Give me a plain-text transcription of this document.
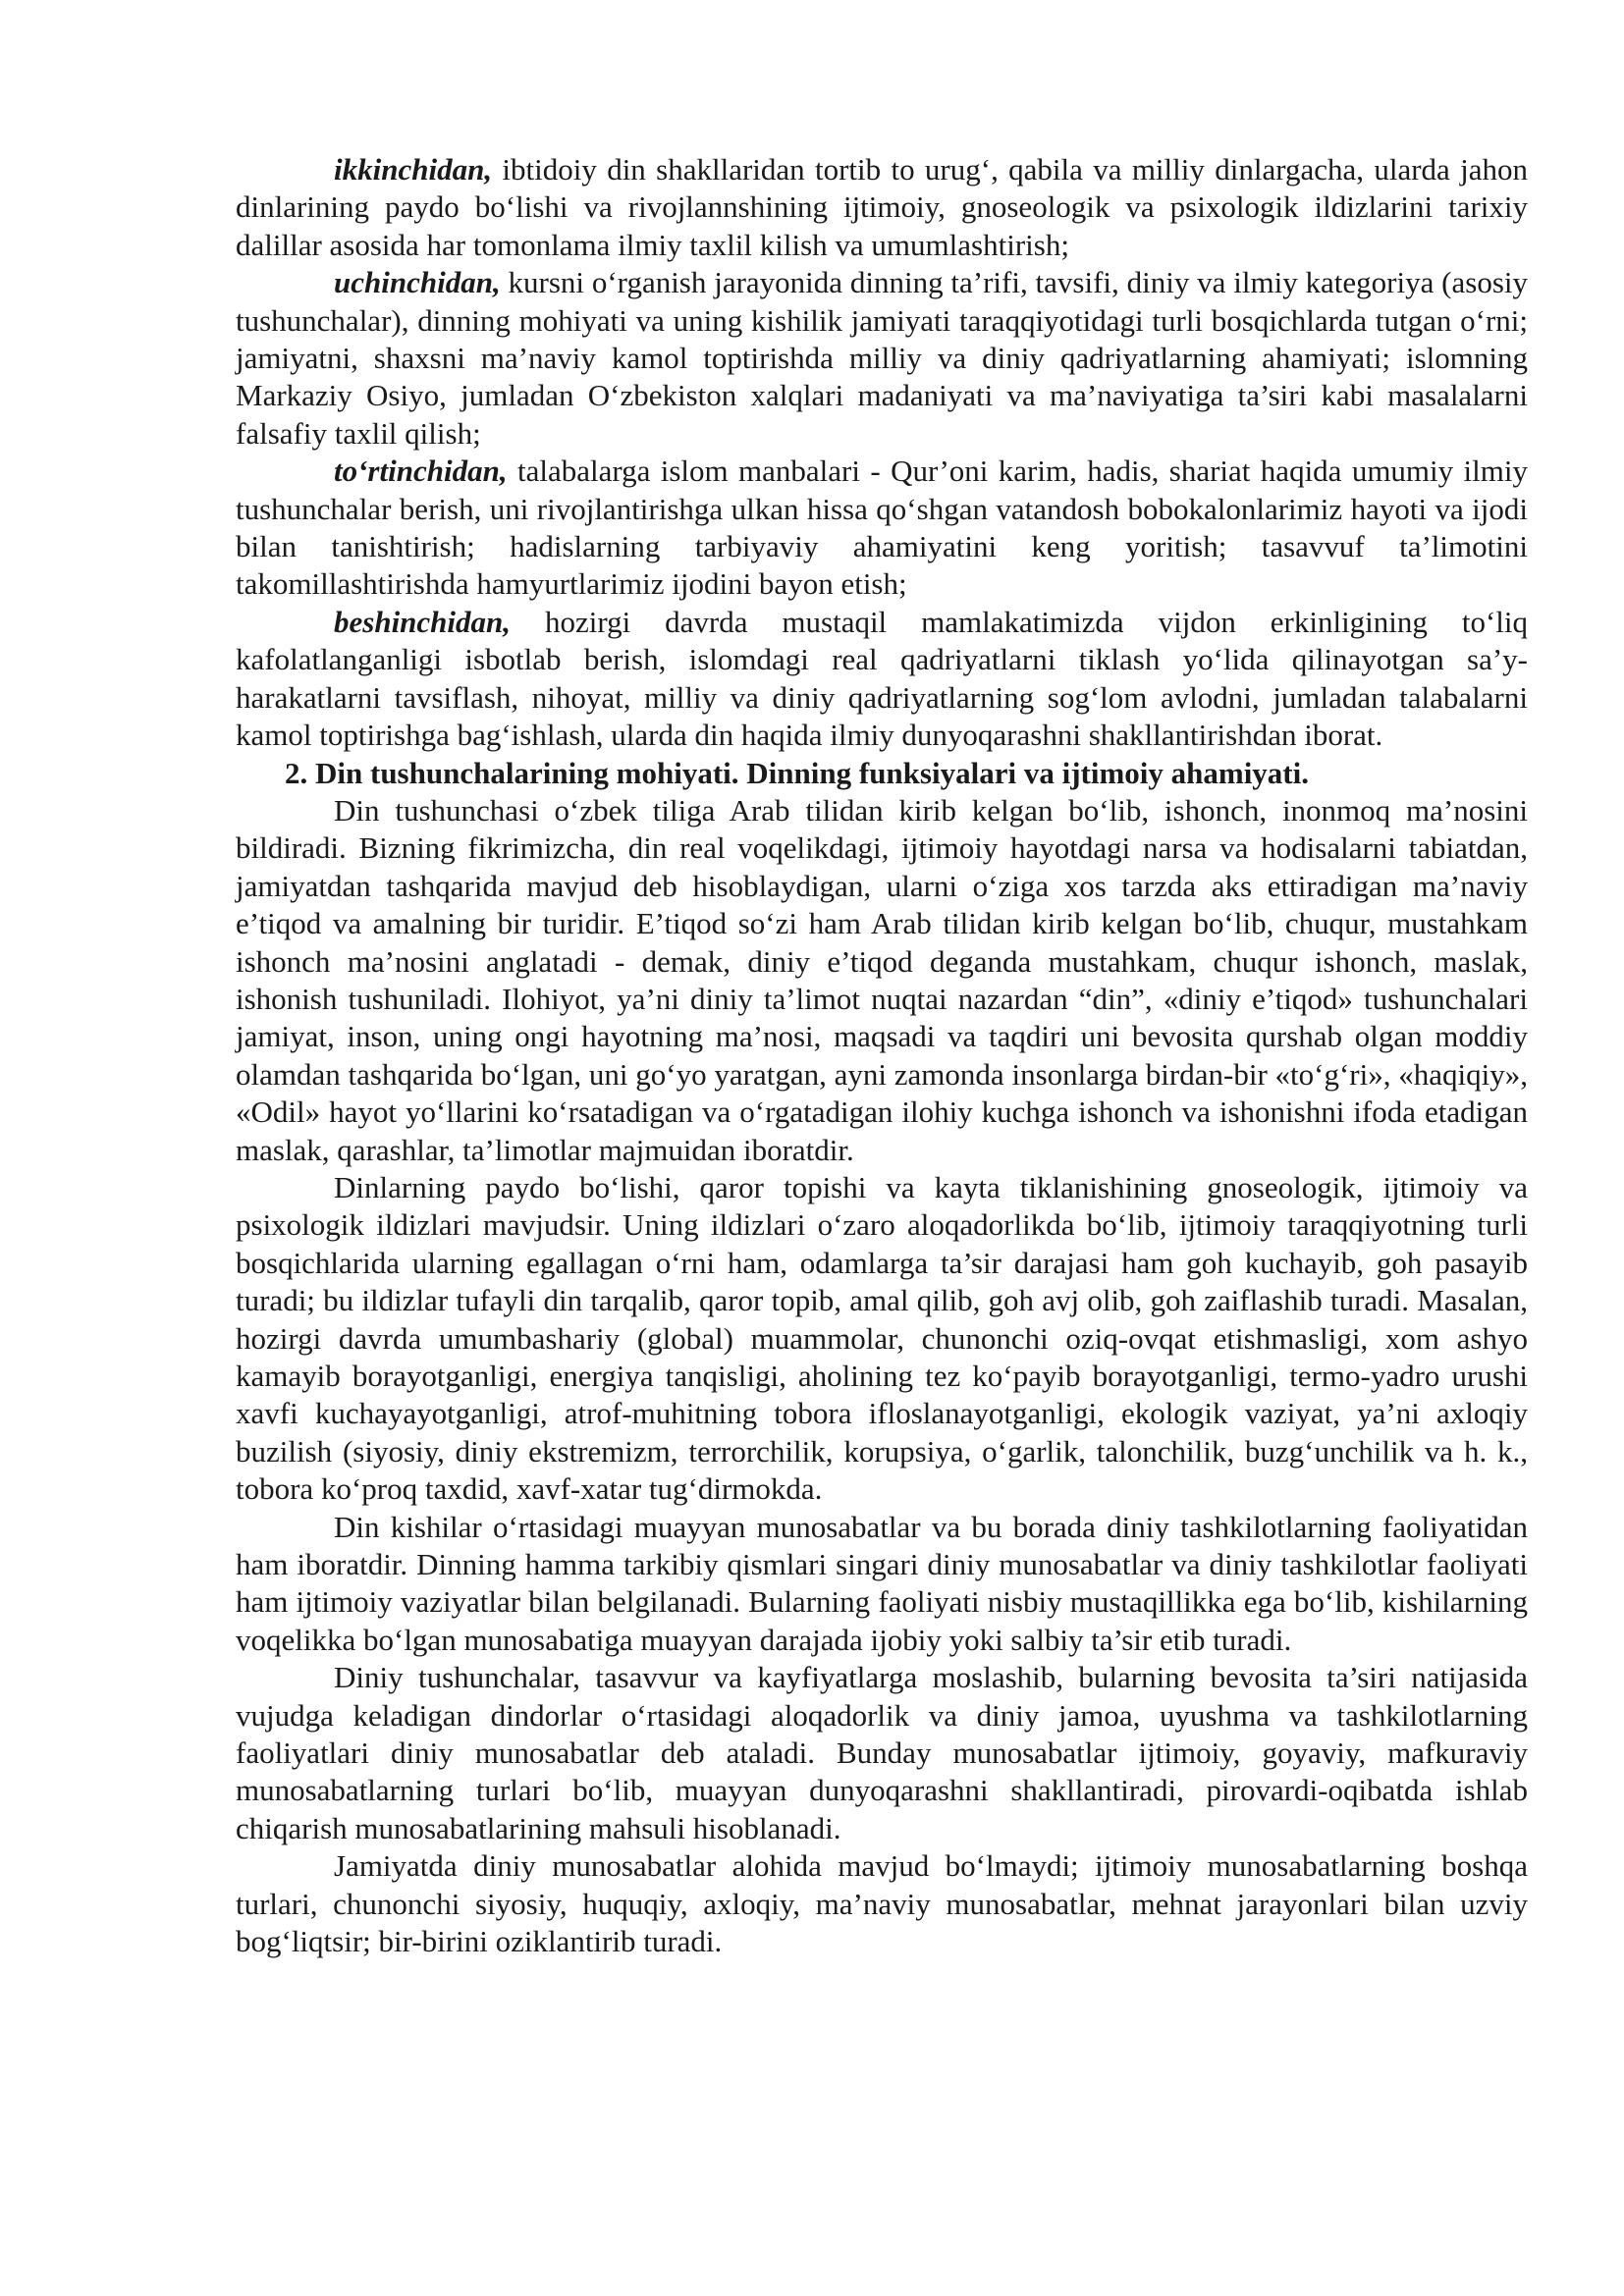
ikkinchidan, ibtidoiy din shakllaridan tortib to urug‘, qabila va milliy dinlargacha, ularda jahon dinlarining paydo bo‘lishi va rivojlannshining ijtimoiy, gnoseologik va psixologik ildizlarini tarixiy dalillar asosida har tomonlama ilmiy taxlil kilish va umumlashtirish;

uchinchidan, kursni o‘rganish jarayonida dinning ta’rifi, tavsifi, diniy va ilmiy kategoriya (asosiy tushunchalar), dinning mohiyati va uning kishilik jamiyati taraqqiyotidagi turli bosqichlarda tutgan o‘rni; jamiyatni, shaxsni ma’naviy kamol toptirishda milliy va diniy qadriyatlarning ahamiyati; islomning Markaziy Osiyo, jumladan O‘zbekiston xalqlari madaniyati va ma’naviyatiga ta’siri kabi masalalarni falsafiy taxlil qilish;

to‘rtinchidan, talabalarga islom manbalari - Qur’oni karim, hadis, shariat haqida umumiy ilmiy tushunchalar berish, uni rivojlantirishga ulkan hissa qo‘shgan vatandosh bobokalonlarimiz hayoti va ijodi bilan tanishtirish; hadislarning tarbiyaviy ahamiyatini keng yoritish; tasavvuf ta’limotini takomillashtirishda hamyurtlarimiz ijodini bayon etish;

beshinchidan, hozirgi davrda mustaqil mamlakatimizda vijdon erkinligining to‘liq kafolatlanganligi isbotlab berish, islomdagi real qadriyatlarni tiklash yo‘lida qilinayotgan sa’y-harakatlarni tavsiflash, nihoyat, milliy va diniy qadriyatlarning sog‘lom avlodni, jumladan talabalarni kamol toptirishga bag‘ishlash, ularda din haqida ilmiy dunyoqarashni shakllantirishdan iborat.

2. Din tushunchalarining mohiyati. Dinning funksiyalari va ijtimoiy ahamiyati.

Din tushunchasi o‘zbek tiliga Arab tilidan kirib kelgan bo‘lib, ishonch, inonmoq ma’nosini bildiradi. Bizning fikrimizcha, din real voqelikdagi, ijtimoiy hayotdagi narsa va hodisalarni tabiatdan, jamiyatdan tashqarida mavjud deb hisoblaydigan, ularni o‘ziga xos tarzda aks ettiradigan ma’naviy e’tiqod va amalning bir turidir. E’tiqod so‘zi ham Arab tilidan kirib kelgan bo‘lib, chuqur, mustahkam ishonch ma’nosini anglatadi - demak, diniy e’tiqod deganda mustahkam, chuqur ishonch, maslak, ishonish tushuniladi. Ilohiyot, ya’ni diniy ta’limot nuqtai nazardan “din”, «diniy e’tiqod» tushunchalari jamiyat, inson, uning ongi hayotning ma’nosi, maqsadi va taqdiri uni bevosita qurshab olgan moddiy olamdan tashqarida bo‘lgan, uni go‘yo yaratgan, ayni zamonda insonlarga birdan-bir «to‘g‘ri», «haqiqiy», «Odil» hayot yo‘llarini ko‘rsatadigan va o‘rgatadigan ilohiy kuchga ishonch va ishonishni ifoda etadigan maslak, qarashlar, ta’limotlar majmuidan iboratdir.

Dinlarning paydo bo‘lishi, qaror topishi va kayta tiklanishining gnoseologik, ijtimoiy va psixologik ildizlari mavjudsir. Uning ildizlari o‘zaro aloqadorlikda bo‘lib, ijtimoiy taraqqiyotning turli bosqichlarida ularning egallagan o‘rni ham, odamlarga ta’sir darajasi ham goh kuchayib, goh pasayib turadi; bu ildizlar tufayli din tarqalib, qaror topib, amal qilib, goh avj olib, goh zaiflashib turadi. Masalan, hozirgi davrda umumbashariy (global) muammolar, chunonchi oziq-ovqat etishmasligi, xom ashyo kamayib borayotganligi, energiya tanqisligi, aholining tez ko‘payib borayotganligi, termo-yadro urushi xavfi kuchayayotganligi, atrof-muhitning tobora ifloslanayotganligi, ekologik vaziyat, ya’ni axloqiy buzilish (siyosiy, diniy ekstremizm, terrorchilik, korupsiya, o‘garlik, talonchilik, buzg‘unchilik va h. k., tobora ko‘proq taxdid, xavf-xatar tug‘dirmokda.

Din kishilar o‘rtasidagi muayyan munosabatlar va bu borada diniy tashkilotlarning faoliyatidan ham iboratdir. Dinning hamma tarkibiy qismlari singari diniy munosabatlar va diniy tashkilotlar faoliyati ham ijtimoiy vaziyatlar bilan belgilanadi. Bularning faoliyati nisbiy mustaqillikka ega bo‘lib, kishilarning voqelikka bo‘lgan munosabatiga muayyan darajada ijobiy yoki salbiy ta’sir etib turadi.

Diniy tushunchalar, tasavvur va kayfiyatlarga moslashib, bularning bevosita ta’siri natijasida vujudga keladigan dindorlar o‘rtasidagi aloqadorlik va diniy jamoa, uyushma va tashkilotlarning faoliyatlari diniy munosabatlar deb ataladi. Bunday munosabatlar ijtimoiy, goyaviy, mafkuraviy munosabatlarning turlari bo‘lib, muayyan dunyoqarashni shakllantiradi, pirovardi-oqibatda ishlab chiqarish munosabatlarining mahsuli hisoblanadi.

Jamiyatda diniy munosabatlar alohida mavjud bo‘lmaydi; ijtimoiy munosabatlarning boshqa turlari, chunonchi siyosiy, huquqiy, axloqiy, ma’naviy munosabatlar, mehnat jarayonlari bilan uzviy bog‘liqtsir; bir-birini oziklantirib turadi.
